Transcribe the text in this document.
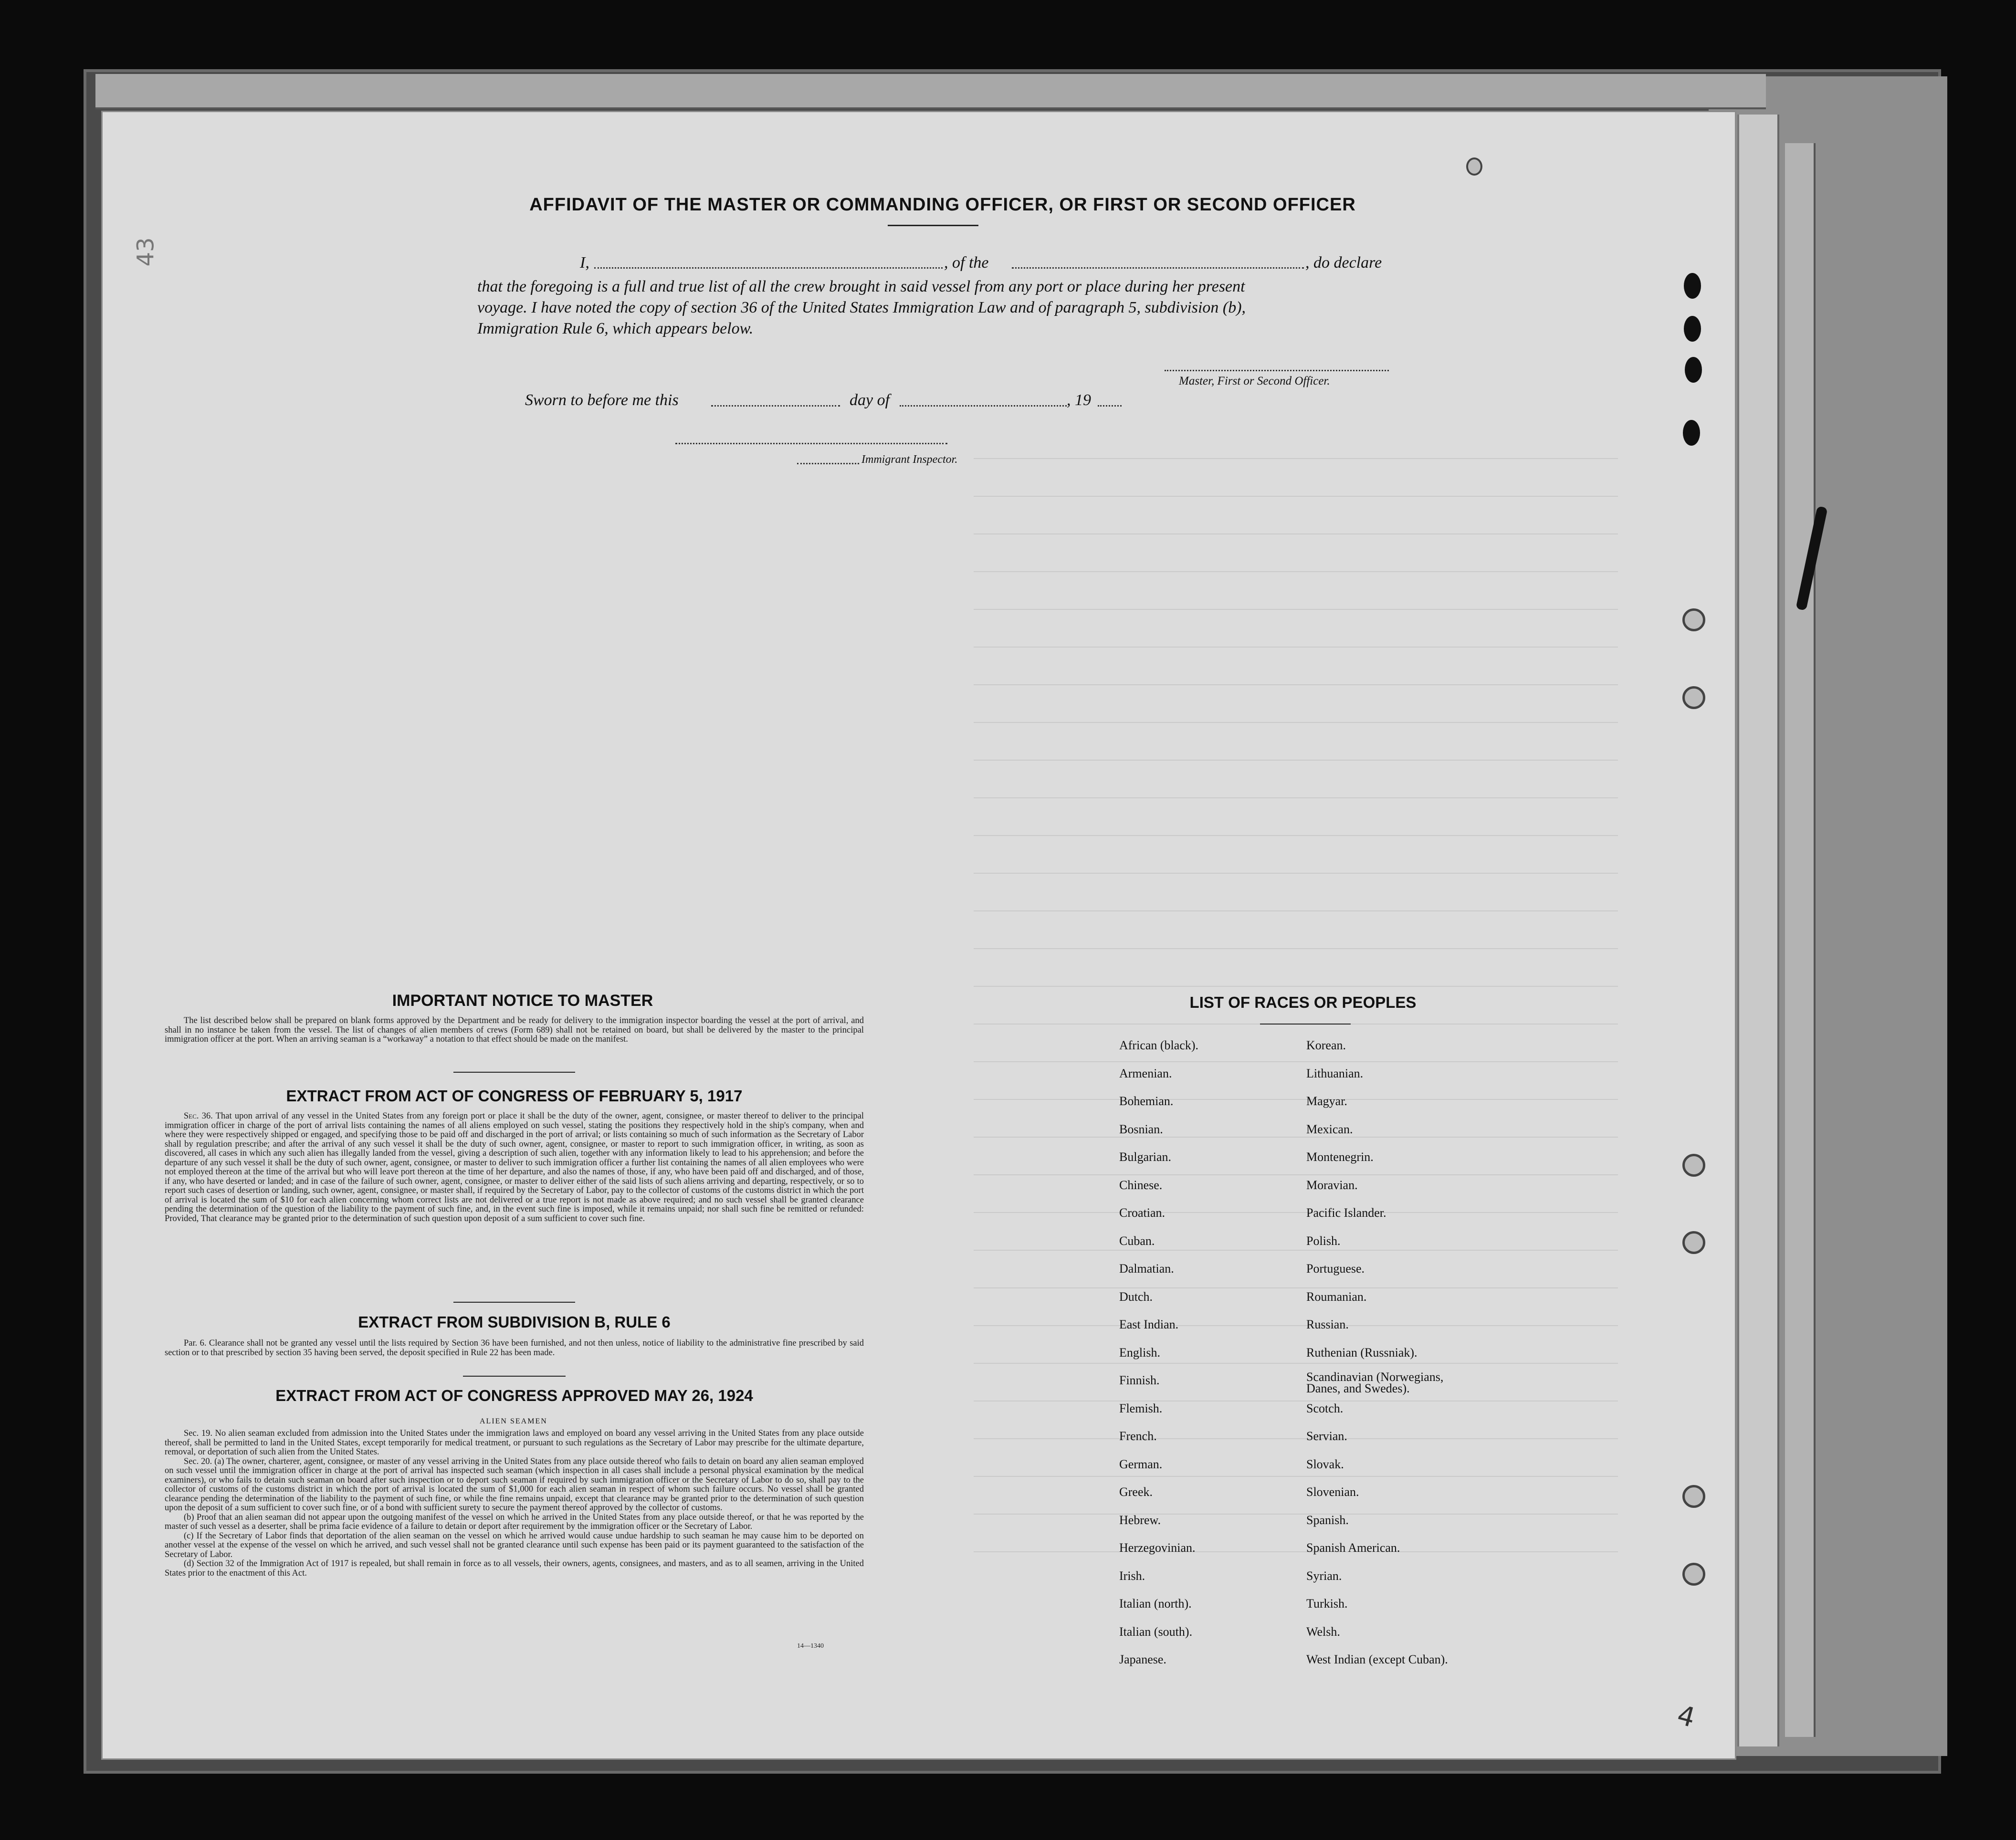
43
4
AFFIDAVIT OF THE MASTER OR COMMANDING OFFICER, OR FIRST OR SECOND OFFICER
I,	, of the	, do declare
that the foregoing is a full and true list of all the crew brought in said vessel from any port or place during her present
voyage. I have noted the copy of section 36 of the United States Immigration Law and of paragraph 5, subdivision (b),
Immigration Rule 6, which appears below.
Master, First or Second Officer.
Sworn to before me this	day of	, 19
Immigrant Inspector.
IMPORTANT NOTICE TO MASTER

The list described below shall be prepared on blank forms approved by the Department and be ready for delivery to the immigration inspector boarding the vessel at the port of arrival, and shall in no instance be taken from the vessel. The list of changes of alien members of crews (Form 689) shall not be retained on board, but shall be delivered by the master to the principal immigration officer at the port. When an arriving seaman is a “workaway” a notation to that effect should be made on the manifest.

EXTRACT FROM ACT OF CONGRESS OF FEBRUARY 5, 1917

Sec. 36. That upon arrival of any vessel in the United States from any foreign port or place it shall be the duty of the owner, agent, consignee, or master thereof to deliver to the principal immigration officer in charge of the port of arrival lists containing the names of all aliens employed on such vessel, stating the positions they respectively hold in the ship's company, when and where they were respectively shipped or engaged, and specifying those to be paid off and discharged in the port of arrival; or lists containing so much of such information as the Secretary of Labor shall by regulation prescribe; and after the arrival of any such vessel it shall be the duty of such owner, agent, consignee, or master to report to such immigration officer, in writing, as soon as discovered, all cases in which any such alien has illegally landed from the vessel, giving a description of such alien, together with any information likely to lead to his apprehension; and before the departure of any such vessel it shall be the duty of such owner, agent, consignee, or master to deliver to such immigration officer a further list containing the names of all alien employees who were not employed thereon at the time of the arrival but who will leave port thereon at the time of her departure, and also the names of those, if any, who have been paid off and discharged, and of those, if any, who have deserted or landed; and in case of the failure of such owner, agent, consignee, or master to deliver either of the said lists of such aliens arriving and departing, respectively, or so to report such cases of desertion or landing, such owner, agent, consignee, or master shall, if required by the Secretary of Labor, pay to the collector of customs of the customs district in which the port of arrival is located the sum of $10 for each alien concerning whom correct lists are not delivered or a true report is not made as above required; and no such vessel shall be granted clearance pending the determination of the question of the liability to the payment of such fine, and, in the event such fine is imposed, while it remains unpaid; nor shall such fine be remitted or refunded: Provided, That clearance may be granted prior to the determination of such question upon deposit of a sum sufficient to cover such fine.

EXTRACT FROM SUBDIVISION B, RULE 6

Par. 6. Clearance shall not be granted any vessel until the lists required by Section 36 have been furnished, and not then unless, notice of liability to the administrative fine prescribed by said section or to that prescribed by section 35 having been served, the deposit specified in Rule 22 has been made.

EXTRACT FROM ACT OF CONGRESS APPROVED MAY 26, 1924
ALIEN SEAMEN

Sec. 19. No alien seaman excluded from admission into the United States under the immigration laws and employed on board any vessel arriving in the United States from any place outside thereof, shall be permitted to land in the United States, except temporarily for medical treatment, or pursuant to such regulations as the Secretary of Labor may prescribe for the ultimate departure, removal, or deportation of such alien from the United States.

Sec. 20. (a) The owner, charterer, agent, consignee, or master of any vessel arriving in the United States from any place outside thereof who fails to detain on board any alien seaman employed on such vessel until the immigration officer in charge at the port of arrival has inspected such seaman (which inspection in all cases shall include a personal physical examination by the medical examiners), or who fails to detain such seaman on board after such inspection or to deport such seaman if required by such immigration officer or the Secretary of Labor to do so, shall pay to the collector of customs of the customs district in which the port of arrival is located the sum of $1,000 for each alien seaman in respect of whom such failure occurs. No vessel shall be granted clearance pending the determination of the liability to the payment of such fine, or while the fine remains unpaid, except that clearance may be granted prior to the determination of such question upon the deposit of a sum sufficient to cover such fine, or of a bond with sufficient surety to secure the payment thereof approved by the collector of customs.

(b) Proof that an alien seaman did not appear upon the outgoing manifest of the vessel on which he arrived in the United States from any place outside thereof, or that he was reported by the master of such vessel as a deserter, shall be prima facie evidence of a failure to detain or deport after requirement by the immigration officer or the Secretary of Labor.

(c) If the Secretary of Labor finds that deportation of the alien seaman on the vessel on which he arrived would cause undue hardship to such seaman he may cause him to be deported on another vessel at the expense of the vessel on which he arrived, and such vessel shall not be granted clearance until such expense has been paid or its payment guaranteed to the satisfaction of the Secretary of Labor.

(d) Section 32 of the Immigration Act of 1917 is repealed, but shall remain in force as to all vessels, their owners, agents, consignees, and masters, and as to all seamen, arriving in the United States prior to the enactment of this Act.

14—1340
LIST OF RACES OR PEOPLES
African (black).
Armenian.
Bohemian.
Bosnian.
Bulgarian.
Chinese.
Croatian.
Cuban.
Dalmatian.
Dutch.
East Indian.
English.
Finnish.
Flemish.
French.
German.
Greek.
Hebrew.
Herzegovinian.
Irish.
Italian (north).
Italian (south).
Japanese.
Korean.
Lithuanian.
Magyar.
Mexican.
Montenegrin.
Moravian.
Pacific Islander.
Polish.
Portuguese.
Roumanian.
Russian.
Ruthenian (Russniak).
Scandinavian (Norwegians, Danes, and Swedes).
Scotch.
Servian.
Slovak.
Slovenian.
Spanish.
Spanish American.
Syrian.
Turkish.
Welsh.
West Indian (except Cuban).
